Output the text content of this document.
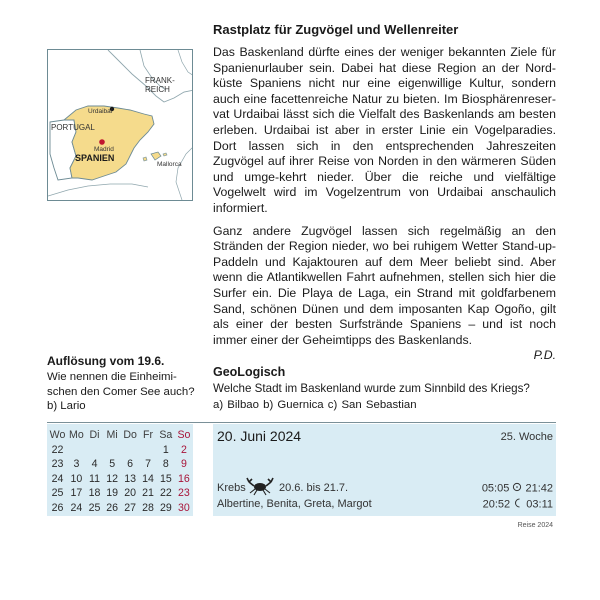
FRANK-
REICH
PORTUGAL
Urdaibai
SPANIEN
Madrid
Mallorca
Rastplatz für Zugvögel und Wellenreiter

Das Baskenland dürfte eines der weniger bekannten Ziele für Spanienurlauber sein. Dabei hat diese Region an der Nord-küste Spaniens nicht nur eine eigenwillige Kultur, sondern auch eine facettenreiche Natur zu bieten. Im Biosphärenreser-vat Urdaibai lässt sich die Vielfalt des Baskenlands am besten erleben. Urdaibai ist aber in erster Linie ein Vogelparadies. Dort lassen sich in den entsprechenden Jahreszeiten Zugvögel auf ihrer Reise von Norden in den wärmeren Süden und umge-kehrt nieder. Über die reiche und vielfältige Vogelwelt wird im Vogelzentrum von Urdaibai anschaulich informiert.

Ganz andere Zugvögel lassen sich regelmäßig an den Stränden der Region nieder, wo bei ruhigem Wetter Stand-up-Paddeln und Kajaktouren auf dem Meer beliebt sind. Aber wenn die Atlantikwellen Fahrt aufnehmen, stellen sich hier die Surfer ein. Die Playa de Laga, ein Strand mit goldfarbenem Sand, schönen Dünen und dem imposanten Kap Ogoño, gilt als einer der besten Surfstrände Spaniens – und ist noch immer einer der Geheimtipps des Baskenlands.

P.D.
Auflösung vom 19.6.
Wie nennen die Einheimi-schen den Comer See auch?
b) Lario
GeoLogisch
Welche Stadt im Baskenland wurde zum Sinnbild des Kriegs?
a) Bilbao b) Guernica c) San Sebastian
Wo	Mo	Di	Mi	Do	Fr	Sa	So
22						1	2
23	3	4	5	6	7	8	9
24	10	11	12	13	14	15	16
25	17	18	19	20	21	22	23
26	24	25	26	27	28	29	30
20. Juni 2024	25. Woche
Krebs	20.6. bis 21.7.
Albertine, Benita, Greta, Margot
05:05 21:42
20:52 03:11
Reise 2024
